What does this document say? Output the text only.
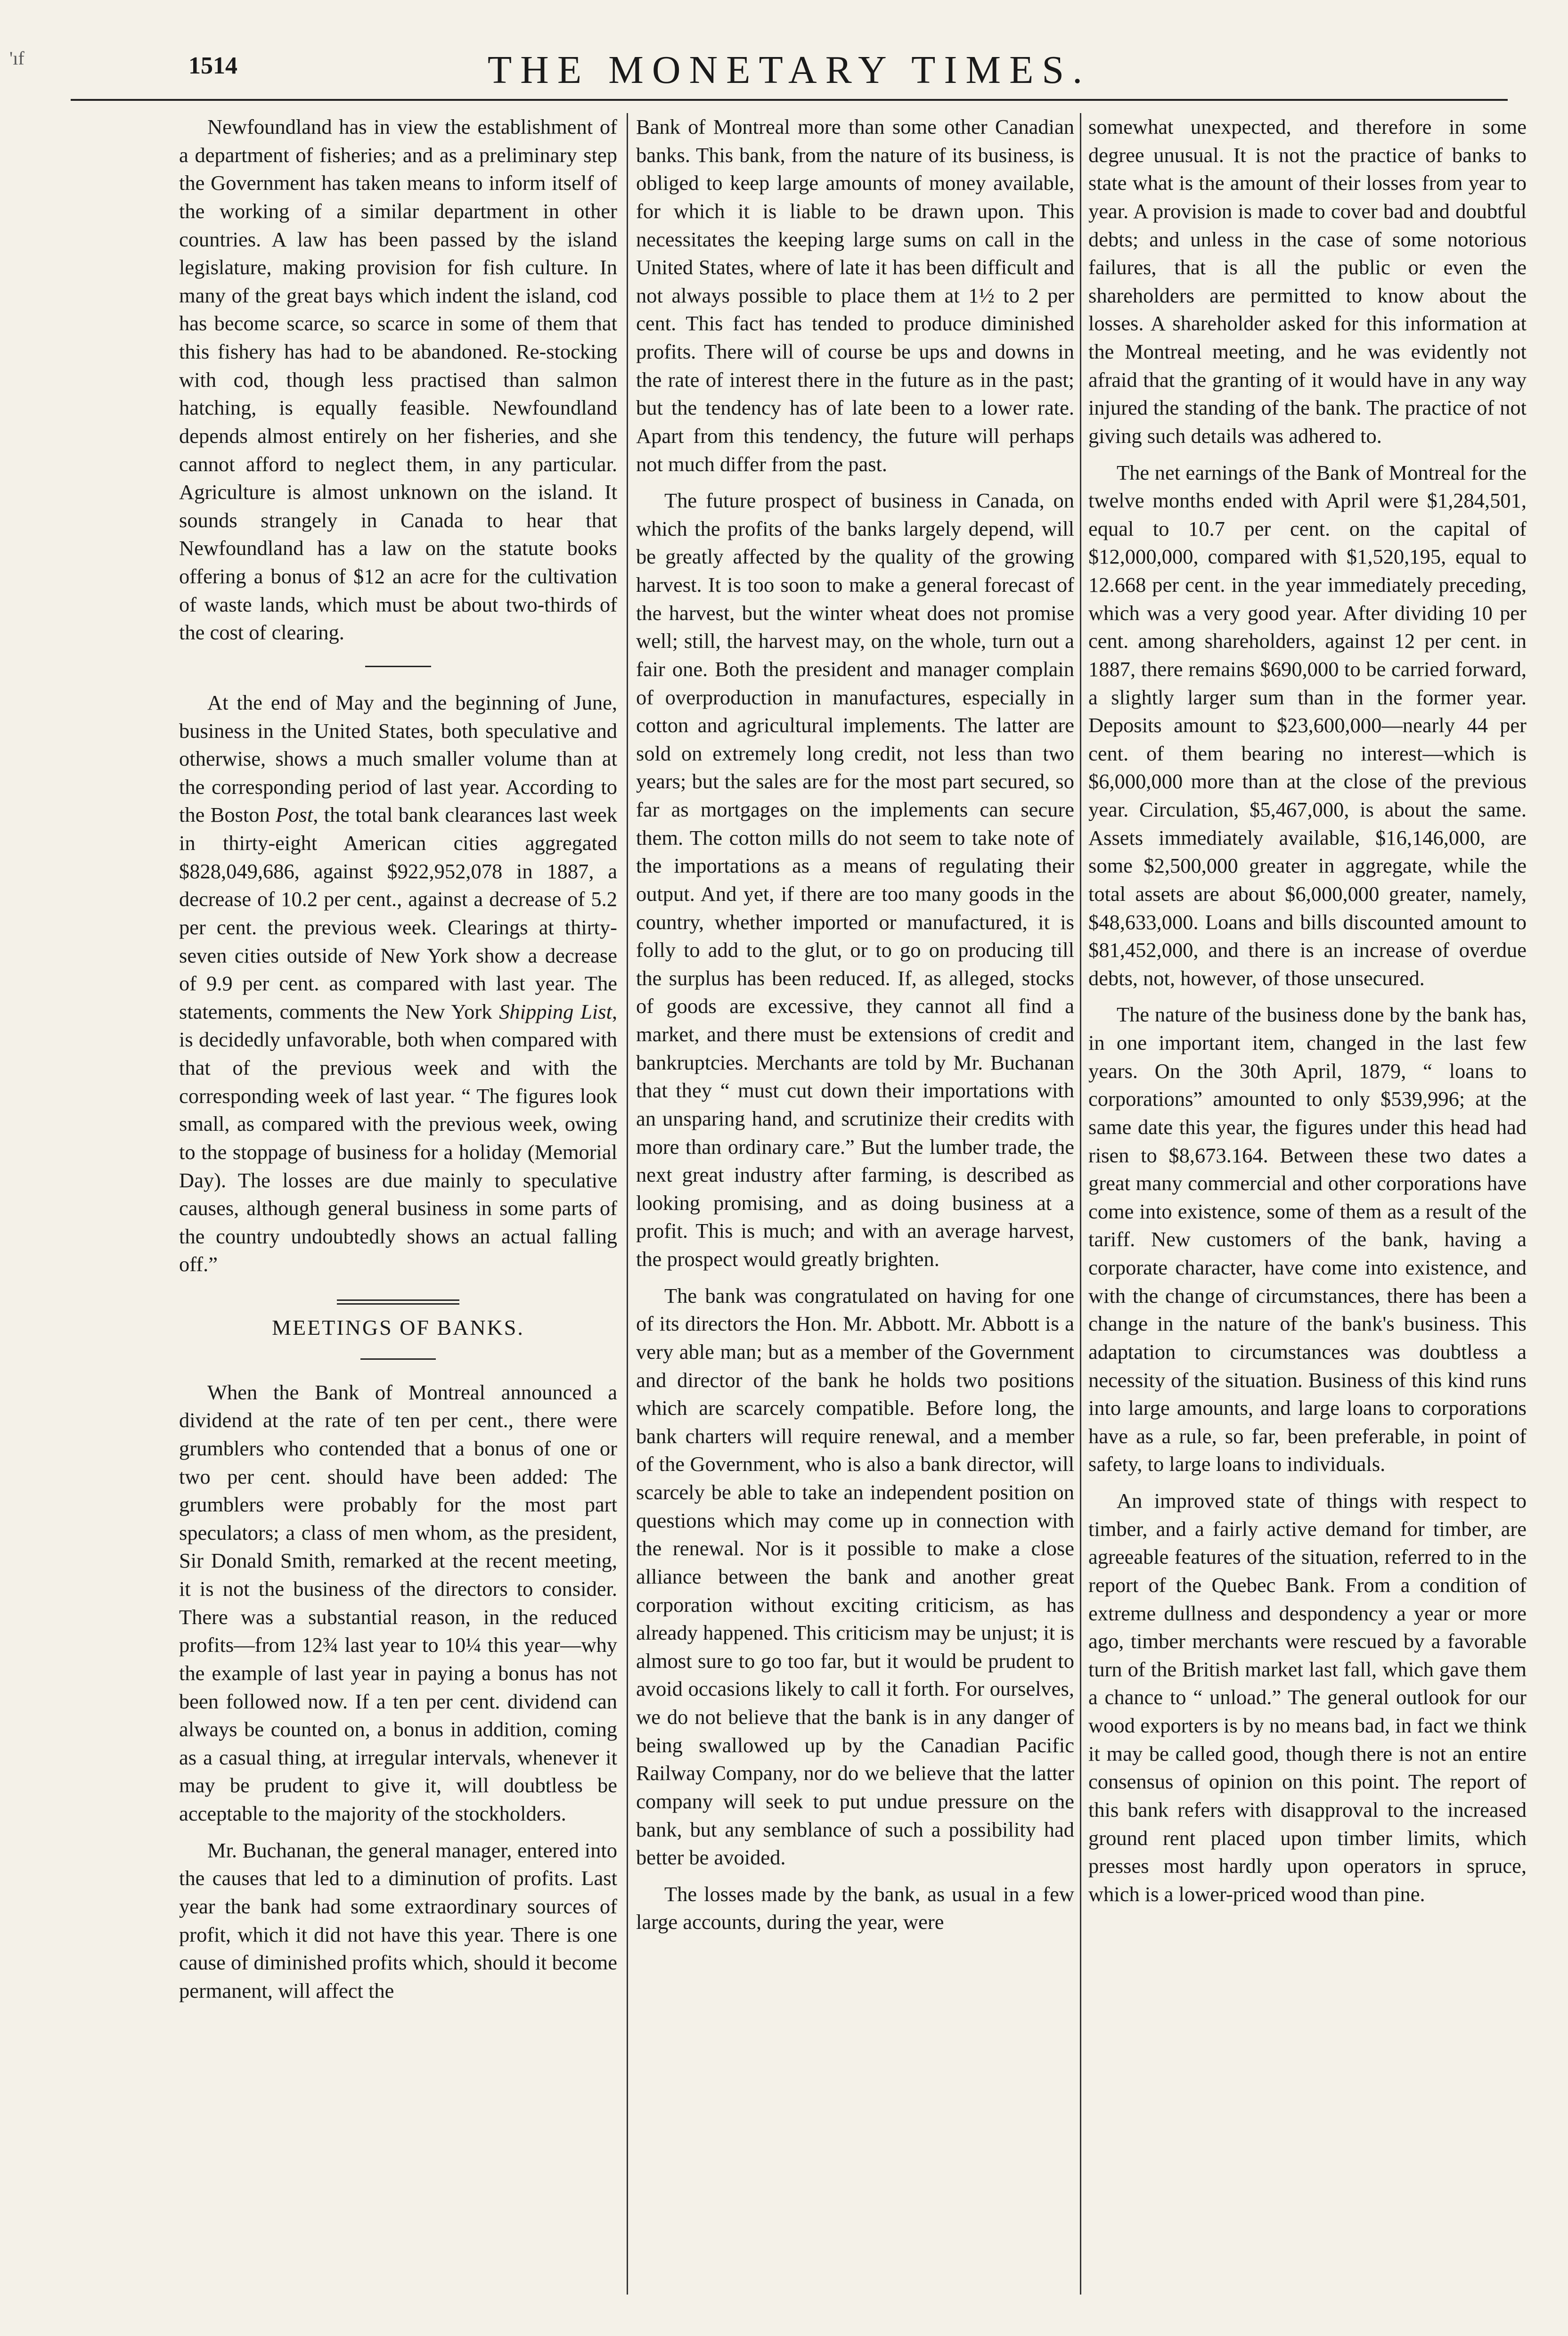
'ıf	1514	THE MONETARY TIMES.

Newfoundland has in view the establishment of a department of fisheries; and as a preliminary step the Government has taken means to inform itself of the working of a similar department in other countries. A law has been passed by the island legislature, making provision for fish culture. In many of the great bays which indent the island, cod has become scarce, so scarce in some of them that this fishery has had to be abandoned. Re-stocking with cod, though less practised than salmon hatching, is equally feasible. Newfoundland depends almost entirely on her fisheries, and she cannot afford to neglect them, in any particular. Agriculture is almost unknown on the island. It sounds strangely in Canada to hear that Newfoundland has a law on the statute books offering a bonus of $12 an acre for the cultivation of waste lands, which must be about two-thirds of the cost of clearing.

At the end of May and the beginning of June, business in the United States, both speculative and otherwise, shows a much smaller volume than at the corresponding period of last year. According to the Boston Post, the total bank clearances last week in thirty-eight American cities aggregated $828,049,686, against $922,952,078 in 1887, a decrease of 10.2 per cent., against a decrease of 5.2 per cent. the previous week. Clearings at thirty-seven cities outside of New York show a decrease of 9.9 per cent. as compared with last year. The statements, comments the New York Shipping List, is decidedly unfavorable, both when compared with that of the previous week and with the corresponding week of last year. “ The figures look small, as compared with the previous week, owing to the stoppage of business for a holiday (Memorial Day). The losses are due mainly to speculative causes, although general business in some parts of the country undoubtedly shows an actual falling off.”

MEETINGS OF BANKS.

When the Bank of Montreal announced a dividend at the rate of ten per cent., there were grumblers who contended that a bonus of one or two per cent. should have been added: The grumblers were probably for the most part speculators; a class of men whom, as the president, Sir Donald Smith, remarked at the recent meeting, it is not the business of the directors to consider. There was a substantial reason, in the reduced profits—from 12¾ last year to 10¼ this year—why the example of last year in paying a bonus has not been followed now. If a ten per cent. dividend can always be counted on, a bonus in addition, coming as a casual thing, at irregular intervals, whenever it may be prudent to give it, will doubtless be acceptable to the majority of the stockholders.

Mr. Buchanan, the general manager, entered into the causes that led to a diminution of profits. Last year the bank had some extraordinary sources of profit, which it did not have this year. There is one cause of diminished profits which, should it become permanent, will affect the

Bank of Montreal more than some other Canadian banks. This bank, from the nature of its business, is obliged to keep large amounts of money available, for which it is liable to be drawn upon. This necessitates the keeping large sums on call in the United States, where of late it has been difficult and not always possible to place them at 1½ to 2 per cent. This fact has tended to produce diminished profits. There will of course be ups and downs in the rate of interest there in the future as in the past; but the tendency has of late been to a lower rate. Apart from this tendency, the future will perhaps not much differ from the past.

The future prospect of business in Canada, on which the profits of the banks largely depend, will be greatly affected by the quality of the growing harvest. It is too soon to make a general forecast of the harvest, but the winter wheat does not promise well; still, the harvest may, on the whole, turn out a fair one. Both the president and manager complain of overproduction in manufactures, especially in cotton and agricultural implements. The latter are sold on extremely long credit, not less than two years; but the sales are for the most part secured, so far as mortgages on the implements can secure them. The cotton mills do not seem to take note of the importations as a means of regulating their output. And yet, if there are too many goods in the country, whether imported or manufactured, it is folly to add to the glut, or to go on producing till the surplus has been reduced. If, as alleged, stocks of goods are excessive, they cannot all find a market, and there must be extensions of credit and bankruptcies. Merchants are told by Mr. Buchanan that they “ must cut down their importations with an unsparing hand, and scrutinize their credits with more than ordinary care.” But the lumber trade, the next great industry after farming, is described as looking promising, and as doing business at a profit. This is much; and with an average harvest, the prospect would greatly brighten.

The bank was congratulated on having for one of its directors the Hon. Mr. Abbott. Mr. Abbott is a very able man; but as a member of the Government and director of the bank he holds two positions which are scarcely compatible. Before long, the bank charters will require renewal, and a member of the Government, who is also a bank director, will scarcely be able to take an independent position on questions which may come up in connection with the renewal. Nor is it possible to make a close alliance between the bank and another great corporation without exciting criticism, as has already happened. This criticism may be unjust; it is almost sure to go too far, but it would be prudent to avoid occasions likely to call it forth. For ourselves, we do not believe that the bank is in any danger of being swallowed up by the Canadian Pacific Railway Company, nor do we believe that the latter company will seek to put undue pressure on the bank, but any semblance of such a possibility had better be avoided.

The losses made by the bank, as usual in a few large accounts, during the year, were

somewhat unexpected, and therefore in some degree unusual. It is not the practice of banks to state what is the amount of their losses from year to year. A provision is made to cover bad and doubtful debts; and unless in the case of some notorious failures, that is all the public or even the shareholders are permitted to know about the losses. A shareholder asked for this information at the Montreal meeting, and he was evidently not afraid that the granting of it would have in any way injured the standing of the bank. The practice of not giving such details was adhered to.

The net earnings of the Bank of Montreal for the twelve months ended with April were $1,284,501, equal to 10.7 per cent. on the capital of $12,000,000, compared with $1,520,195, equal to 12.668 per cent. in the year immediately preceding, which was a very good year. After dividing 10 per cent. among shareholders, against 12 per cent. in 1887, there remains $690,000 to be carried forward, a slightly larger sum than in the former year. Deposits amount to $23,600,000—nearly 44 per cent. of them bearing no interest—which is $6,000,000 more than at the close of the previous year. Circulation, $5,467,000, is about the same. Assets immediately available, $16,146,000, are some $2,500,000 greater in aggregate, while the total assets are about $6,000,000 greater, namely, $48,633,000. Loans and bills discounted amount to $81,452,000, and there is an increase of overdue debts, not, however, of those unsecured.

The nature of the business done by the bank has, in one important item, changed in the last few years. On the 30th April, 1879, “ loans to corporations” amounted to only $539,996; at the same date this year, the figures under this head had risen to $8,673.164. Between these two dates a great many commercial and other corporations have come into existence, some of them as a result of the tariff. New customers of the bank, having a corporate character, have come into existence, and with the change of circumstances, there has been a change in the nature of the bank's business. This adaptation to circumstances was doubtless a necessity of the situation. Business of this kind runs into large amounts, and large loans to corporations have as a rule, so far, been preferable, in point of safety, to large loans to individuals.

An improved state of things with respect to timber, and a fairly active demand for timber, are agreeable features of the situation, referred to in the report of the Quebec Bank. From a condition of extreme dullness and despondency a year or more ago, timber merchants were rescued by a favorable turn of the British market last fall, which gave them a chance to “ unload.” The general outlook for our wood exporters is by no means bad, in fact we think it may be called good, though there is not an entire consensus of opinion on this point. The report of this bank refers with disapproval to the increased ground rent placed upon timber limits, which presses most hardly upon operators in spruce, which is a lower-priced wood than pine.
